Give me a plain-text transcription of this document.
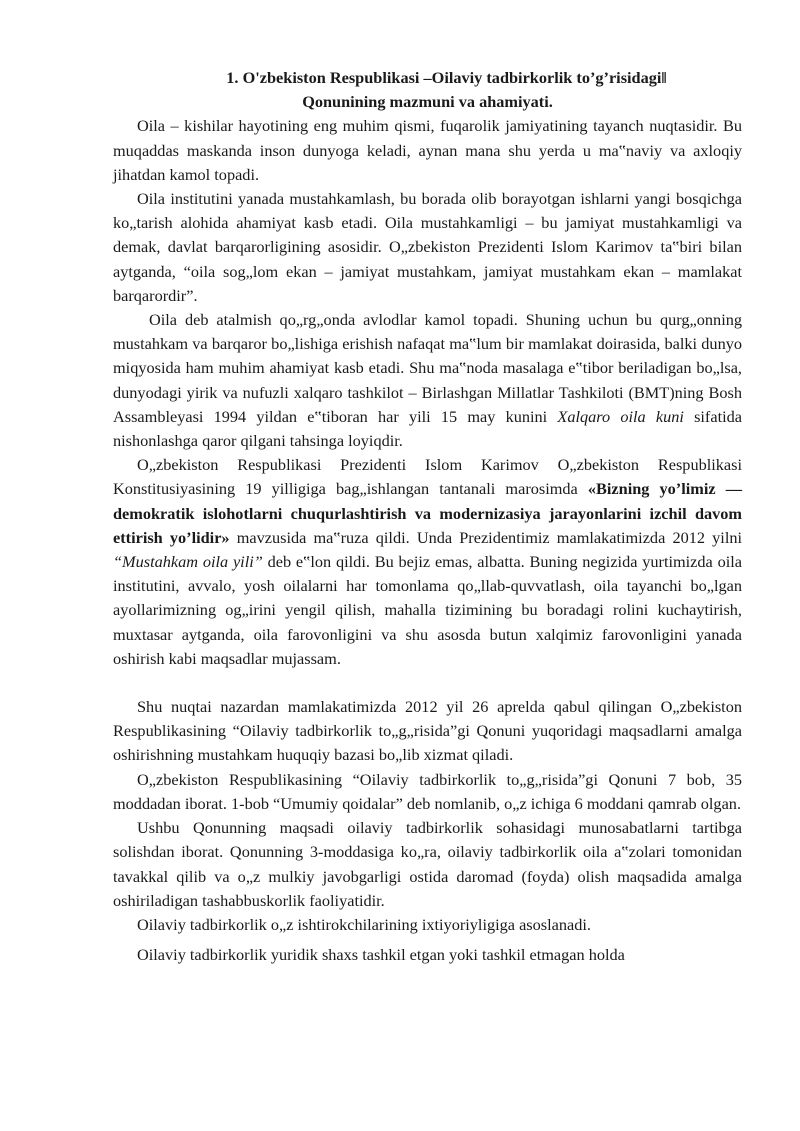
1. O'zbekiston Respublikasi –Oilaviy tadbirkorlik to’g’risidagi‖
Qonunining mazmuni va ahamiyati.

Oila – kishilar hayotining eng muhim qismi, fuqarolik jamiyatining tayanch nuqtasidir. Bu muqaddas maskanda inson dunyoga keladi, aynan mana shu yerda u ma‟naviy va axloqiy jihatdan kamol topadi.

Oila institutini yanada mustahkamlash, bu borada olib borayotgan ishlarni yangi bosqichga ko„tarish alohida ahamiyat kasb etadi. Oila mustahkamligi – bu jamiyat mustahkamligi va demak, davlat barqarorligining asosidir. O„zbekiston Prezidenti Islom Karimov ta‟biri bilan aytganda, “oila sog„lom ekan – jamiyat mustahkam, jamiyat mustahkam ekan – mamlakat barqarordir”.

Oila deb atalmish qo„rg„onda avlodlar kamol topadi. Shuning uchun bu qurg„onning mustahkam va barqaror bo„lishiga erishish nafaqat ma‟lum bir mamlakat doirasida, balki dunyo miqyosida ham muhim ahamiyat kasb etadi. Shu ma‟noda masalaga e‟tibor beriladigan bo„lsa, dunyodagi yirik va nufuzli xalqaro tashkilot – Birlashgan Millatlar Tashkiloti (BMT)ning Bosh Assambleyasi 1994 yildan e‟tiboran har yili 15 may kunini Xalqaro oila kuni sifatida nishonlashga qaror qilgani tahsinga loyiqdir.

O„zbekiston Respublikasi Prezidenti Islom Karimov O„zbekiston Respublikasi Konstitusiyasining 19 yilligiga bag„ishlangan tantanali marosimda «Bizning yo’limiz — demokratik islohotlarni chuqurlashtirish va modernizasiya jarayonlarini izchil davom ettirish yo’lidir» mavzusida ma‟ruza qildi. Unda Prezidentimiz mamlakatimizda 2012 yilni “Mustahkam oila yili” deb e‟lon qildi. Bu bejiz emas, albatta. Buning negizida yurtimizda oila institutini, avvalo, yosh oilalarni har tomonlama qo„llab-quvvatlash, oila tayanchi bo„lgan ayollarimizning og„irini yengil qilish, mahalla tizimining bu boradagi rolini kuchaytirish, muxtasar aytganda, oila farovonligini va shu asosda butun xalqimiz farovonligini yanada oshirish kabi maqsadlar mujassam.

Shu nuqtai nazardan mamlakatimizda 2012 yil 26 aprelda qabul qilingan O„zbekiston Respublikasining “Oilaviy tadbirkorlik to„g„risida”gi Qonuni yuqoridagi maqsadlarni amalga oshirishning mustahkam huquqiy bazasi bo„lib xizmat qiladi.

O„zbekiston Respublikasining “Oilaviy tadbirkorlik to„g„risida”gi Qonuni 7 bob, 35 moddadan iborat. 1-bob “Umumiy qoidalar” deb nomlanib, o„z ichiga 6 moddani qamrab olgan.

Ushbu Qonunning maqsadi oilaviy tadbirkorlik sohasidagi munosabatlarni tartibga solishdan iborat. Qonunning 3-moddasiga ko„ra, oilaviy tadbirkorlik oila a‟zolari tomonidan tavakkal qilib va o„z mulkiy javobgarligi ostida daromad (foyda) olish maqsadida amalga oshiriladigan tashabbuskorlik faoliyatidir.

Oilaviy tadbirkorlik o„z ishtirokchilarining ixtiyoriyligiga asoslanadi.

Oilaviy tadbirkorlik yuridik shaxs tashkil etgan yoki tashkil etmagan holda
